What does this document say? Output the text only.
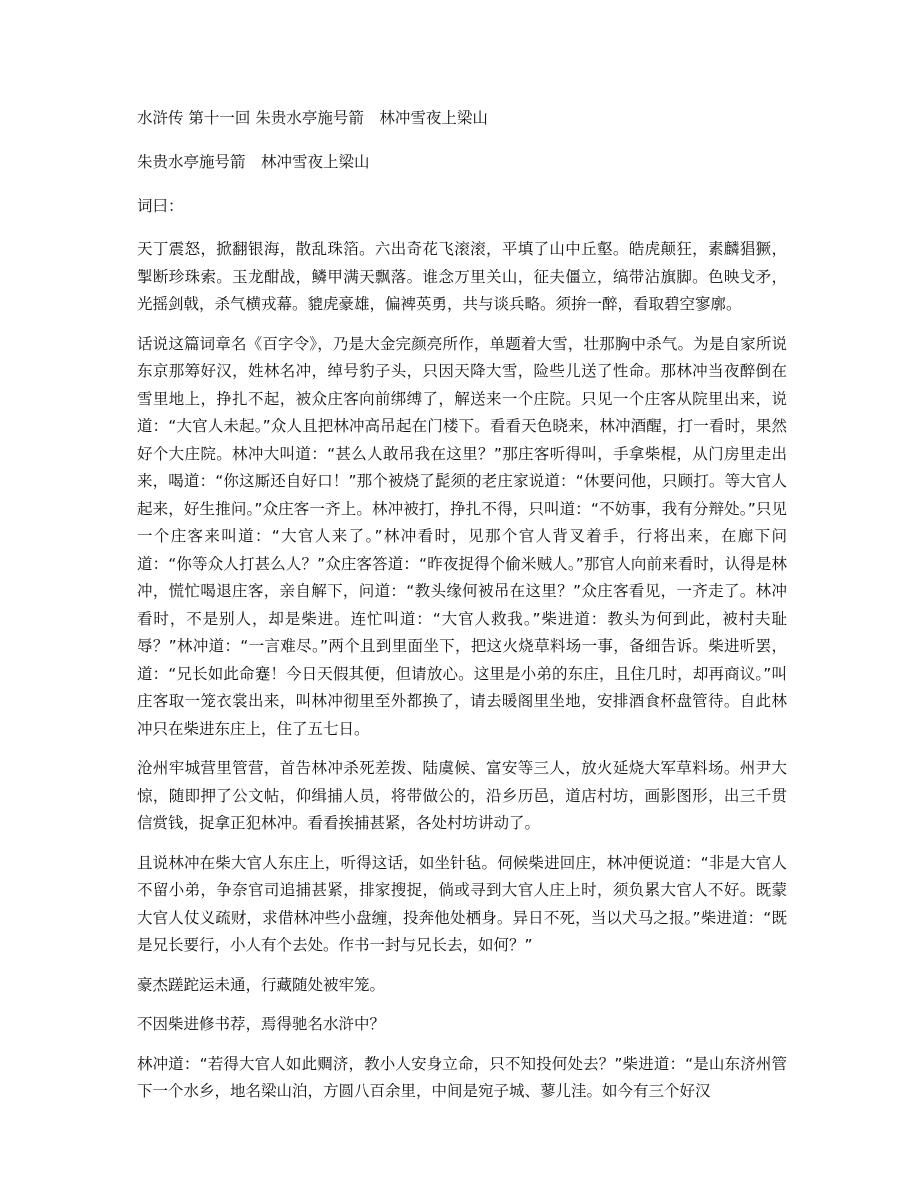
水浒传 第十一回 朱贵水亭施号箭　林冲雪夜上梁山

朱贵水亭施号箭　林冲雪夜上梁山

词曰：

天丁震怒，掀翻银海，散乱珠箔。六出奇花飞滚滚，平填了山中丘壑。皓虎颠狂，素麟猖獗，掣断珍珠索。玉龙酣战，鳞甲满天飘落。谁念万里关山，征夫僵立，缟带沾旗脚。色映戈矛，光摇剑戟，杀气横戎幕。貔虎豪雄，偏裨英勇，共与谈兵略。须拚一醉，看取碧空寥廓。

话说这篇词章名《百字令》，乃是大金完颜亮所作，单题着大雪，壮那胸中杀气。为是自家所说东京那筹好汉，姓林名冲，绰号豹子头，只因天降大雪，险些儿送了性命。那林冲当夜醉倒在雪里地上，挣扎不起，被众庄客向前绑缚了，解送来一个庄院。只见一个庄客从院里出来，说道：“大官人未起。”众人且把林冲高吊起在门楼下。看看天色晓来，林冲酒醒，打一看时，果然好个大庄院。林冲大叫道：“甚么人敢吊我在这里？”那庄客听得叫，手拿柴棍，从门房里走出来，喝道：“你这厮还自好口！”那个被烧了髭须的老庄家说道：“休要问他，只顾打。等大官人起来，好生推问。”众庄客一齐上。林冲被打，挣扎不得，只叫道：“不妨事，我有分辩处。”只见一个庄客来叫道：“大官人来了。”林冲看时，见那个官人背叉着手，行将出来，在廊下问道：“你等众人打甚么人？”众庄客答道：“昨夜捉得个偷米贼人。”那官人向前来看时，认得是林冲，慌忙喝退庄客，亲自解下，问道：“教头缘何被吊在这里？”众庄客看见，一齐走了。林冲看时，不是别人，却是柴进。连忙叫道：“大官人救我。”柴进道：教头为何到此，被村夫耻辱？”林冲道：“一言难尽。”两个且到里面坐下，把这火烧草料场一事，备细告诉。柴进听罢，道：“兄长如此命蹇！今日天假其便，但请放心。这里是小弟的东庄，且住几时，却再商议。”叫庄客取一笼衣裳出来，叫林冲彻里至外都换了，请去暖阁里坐地，安排酒食杯盘管待。自此林冲只在柴进东庄上，住了五七日。

沧州牢城营里管营，首告林冲杀死差拨、陆虞候、富安等三人，放火延烧大军草料场。州尹大惊，随即押了公文帖，仰缉捕人员，将带做公的，沿乡历邑，道店村坊，画影图形，出三千贯信赏钱，捉拿正犯林冲。看看挨捕甚紧，各处村坊讲动了。

且说林冲在柴大官人东庄上，听得这话，如坐针毡。伺候柴进回庄，林冲便说道：“非是大官人不留小弟，争奈官司追捕甚紧，排家搜捉，倘或寻到大官人庄上时，须负累大官人不好。既蒙大官人仗义疏财，求借林冲些小盘缠，投奔他处栖身。异日不死，当以犬马之报。”柴进道：“既是兄长要行，小人有个去处。作书一封与兄长去，如何？”

豪杰蹉跎运未通，行藏随处被牢笼。

不因柴进修书荐，焉得驰名水浒中？

林冲道：“若得大官人如此赒济，教小人安身立命，只不知投何处去？”柴进道：“是山东济州管下一个水乡，地名梁山泊，方圆八百余里，中间是宛子城、蓼儿洼。如今有三个好汉
